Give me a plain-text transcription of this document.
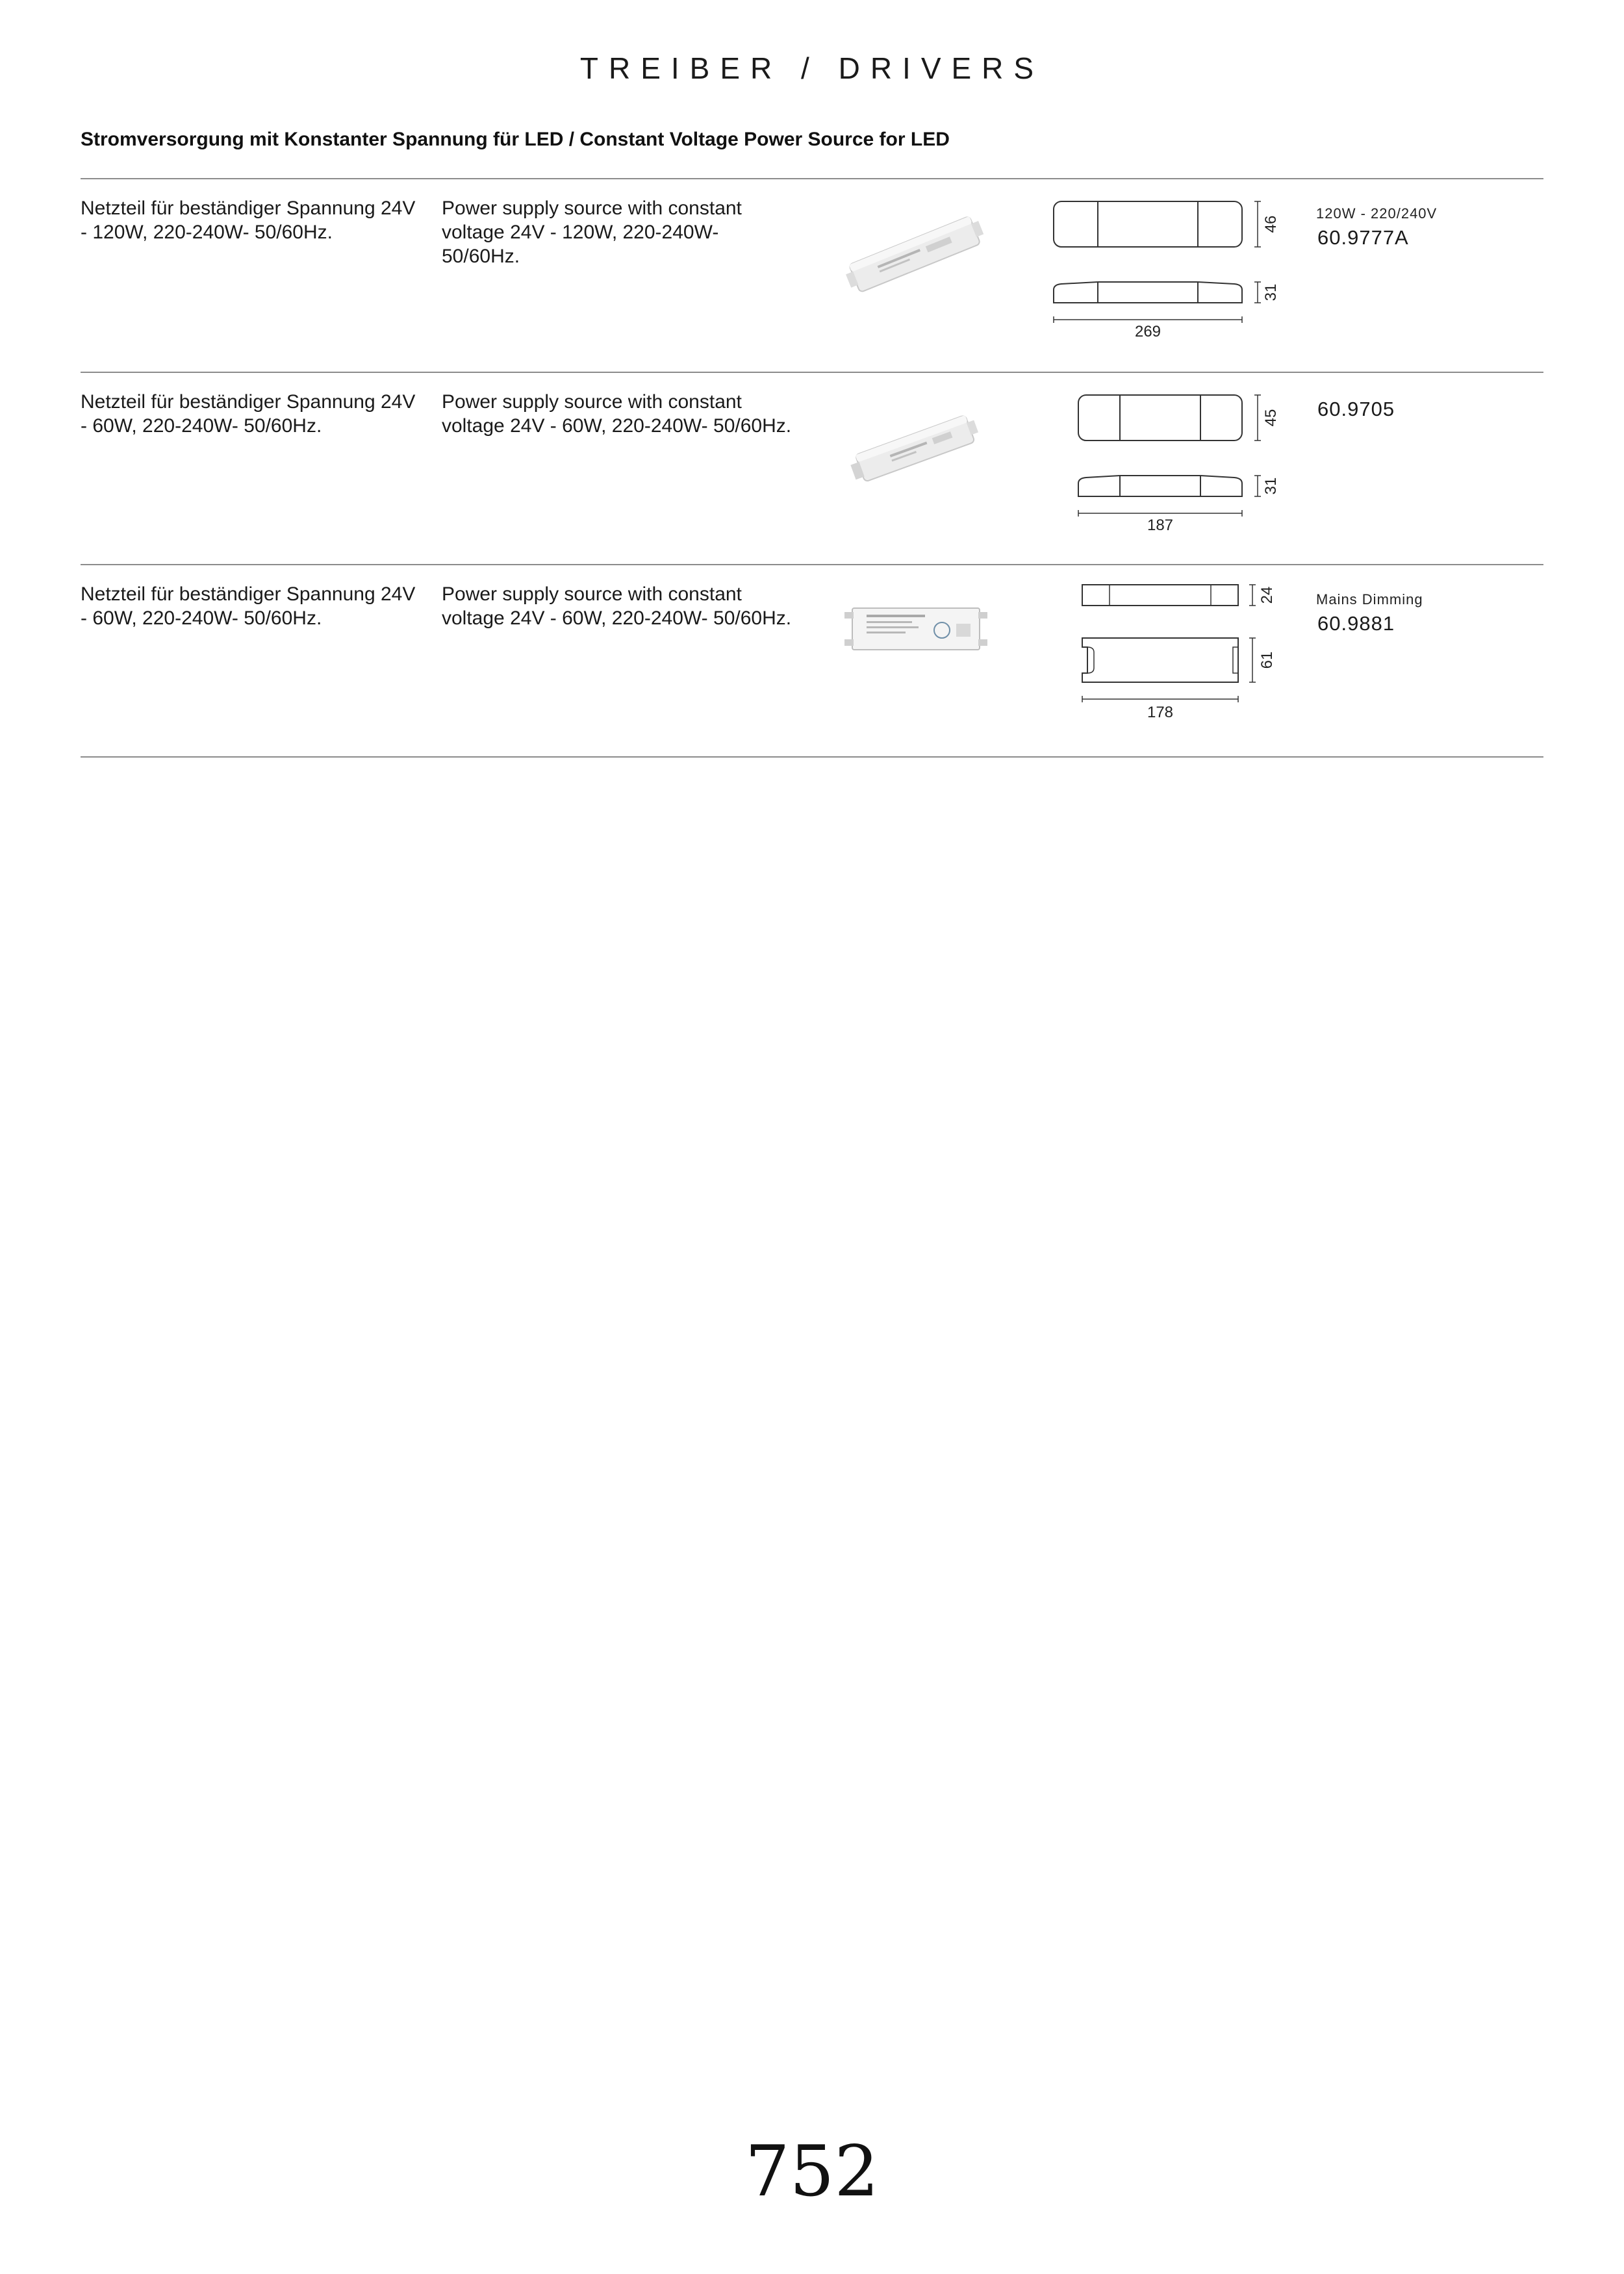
TREIBER / DRIVERS
Stromversorgung mit Konstanter Spannung für LED / Constant Voltage Power Source for LED
Netzteil für beständiger Spannung 24V - 120W, 220-240W- 50/60Hz.
Power supply source with constant voltage 24V - 120W, 220-240W- 50/60Hz.
46
31
269
120W - 220/240V
60.9777A
Netzteil für beständiger Spannung 24V - 60W, 220-240W- 50/60Hz.
Power supply source with constant voltage 24V - 60W, 220-240W- 50/60Hz.	45
31
187
60.9705
Netzteil für beständiger Spannung 24V - 60W, 220-240W- 50/60Hz.
Power supply source with constant voltage 24V - 60W, 220-240W- 50/60Hz.
24
61
178
Mains Dimming
60.9881
752
